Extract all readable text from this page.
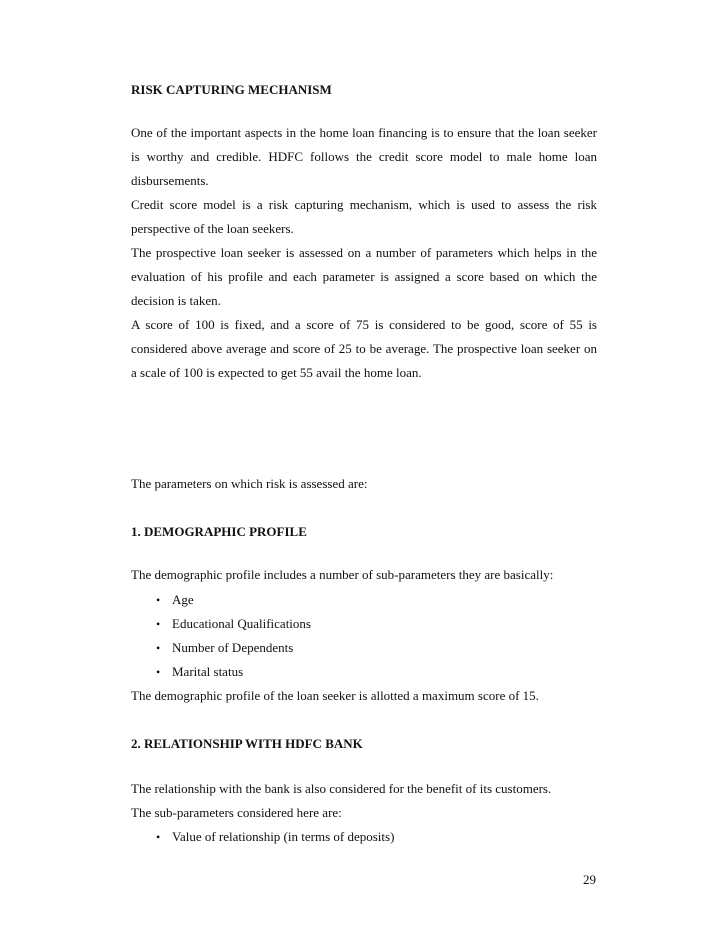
RISK CAPTURING MECHANISM
One of the important aspects in the home loan financing is to ensure that the loan seeker is worthy and credible. HDFC follows the credit score model to male home loan disbursements.
Credit score model is a risk capturing mechanism, which is used to assess the risk perspective of the loan seekers.
The prospective loan seeker is assessed on a number of parameters which helps in the evaluation of his profile and each parameter is assigned a score based on which the decision is taken.
A score of 100 is fixed, and a score of 75 is considered to be good, score of 55 is considered above average and score of 25 to be average. The prospective loan seeker on a scale of 100 is expected to get 55 avail the home loan.
The parameters on which risk is assessed are:
1. DEMOGRAPHIC PROFILE
The demographic profile includes a number of sub-parameters they are basically:
• Age
• Educational Qualifications
• Number of Dependents
• Marital status
The demographic profile of the loan seeker is allotted a maximum score of 15.
2. RELATIONSHIP WITH HDFC BANK
The relationship with the bank is also considered for the benefit of its customers.
The sub-parameters considered here are:
• Value of relationship (in terms of deposits)
29
